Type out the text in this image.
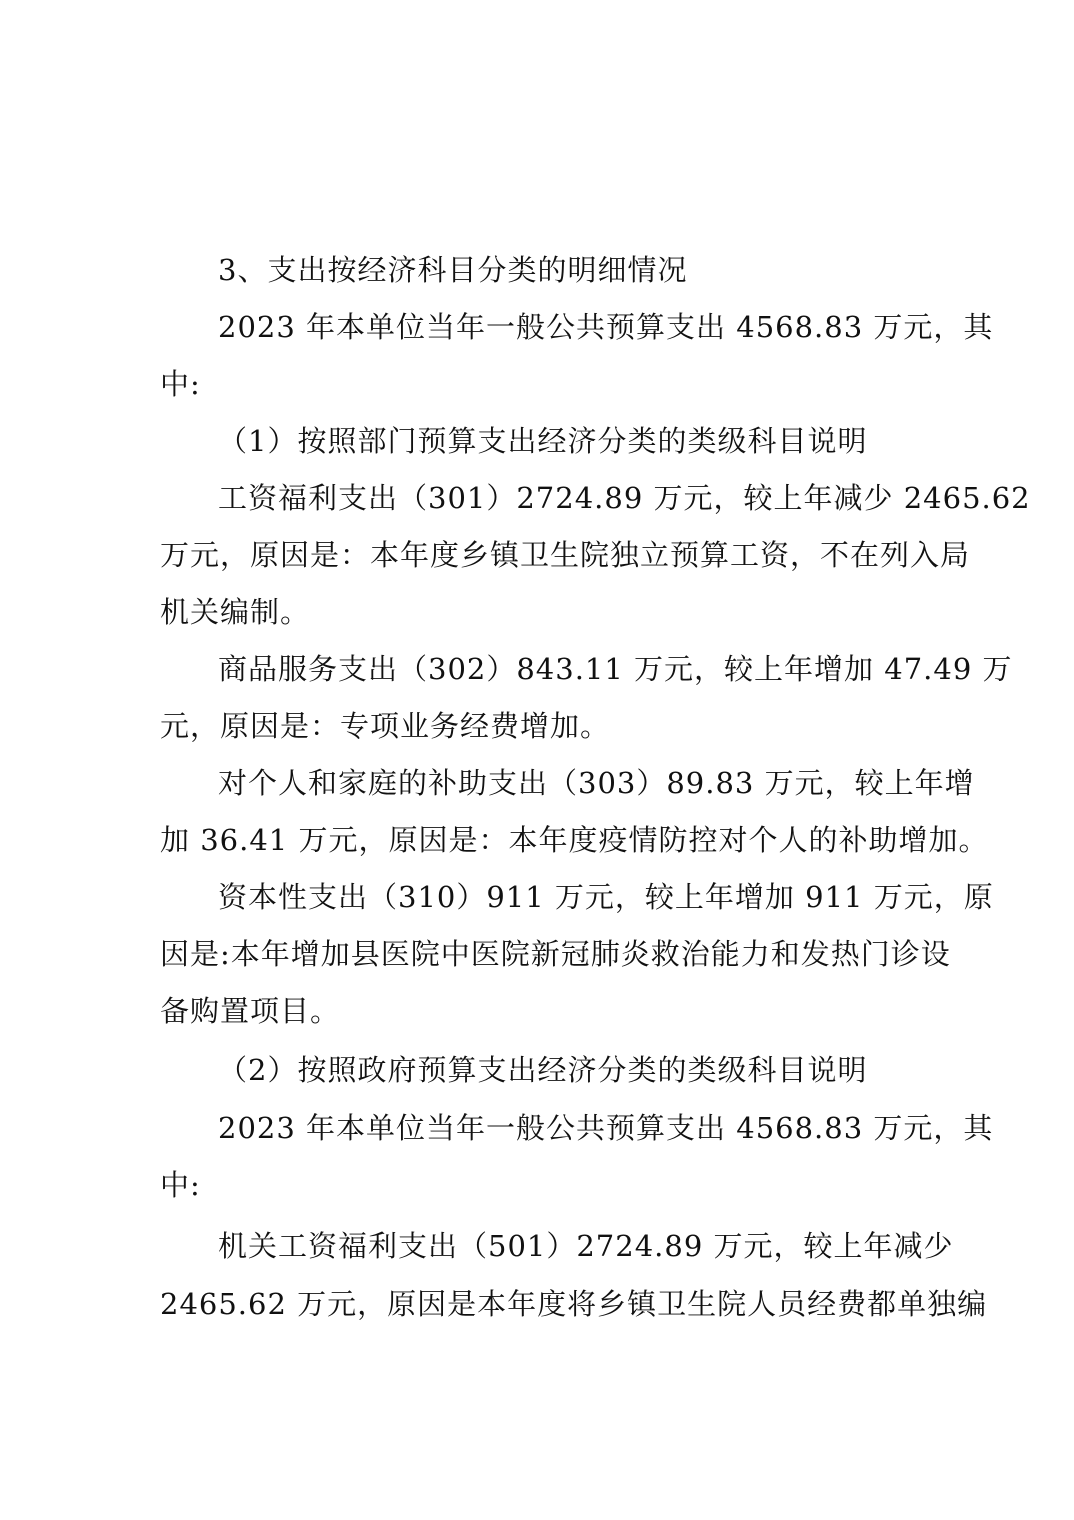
3、支出按经济科目分类的明细情况

2023 年本单位当年一般公共预算支出 4568.83 万元，其

中:

（1）按照部门预算支出经济分类的类级科目说明

工资福利支出（301）2724.89 万元，较上年减少 2465.62

万元，原因是：本年度乡镇卫生院独立预算工资，不在列入局

机关编制。

商品服务支出（302）843.11 万元，较上年增加 47.49 万

元，原因是：专项业务经费增加。

对个人和家庭的补助支出（303）89.83 万元，较上年增

加 36.41 万元，原因是：本年度疫情防控对个人的补助增加。

资本性支出（310）911 万元，较上年增加 911 万元，原

因是:本年增加县医院中医院新冠肺炎救治能力和发热门诊设

备购置项目。

（2）按照政府预算支出经济分类的类级科目说明

2023 年本单位当年一般公共预算支出 4568.83 万元，其

中:

机关工资福利支出（501）2724.89 万元，较上年减少

2465.62 万元，原因是本年度将乡镇卫生院人员经费都单独编
